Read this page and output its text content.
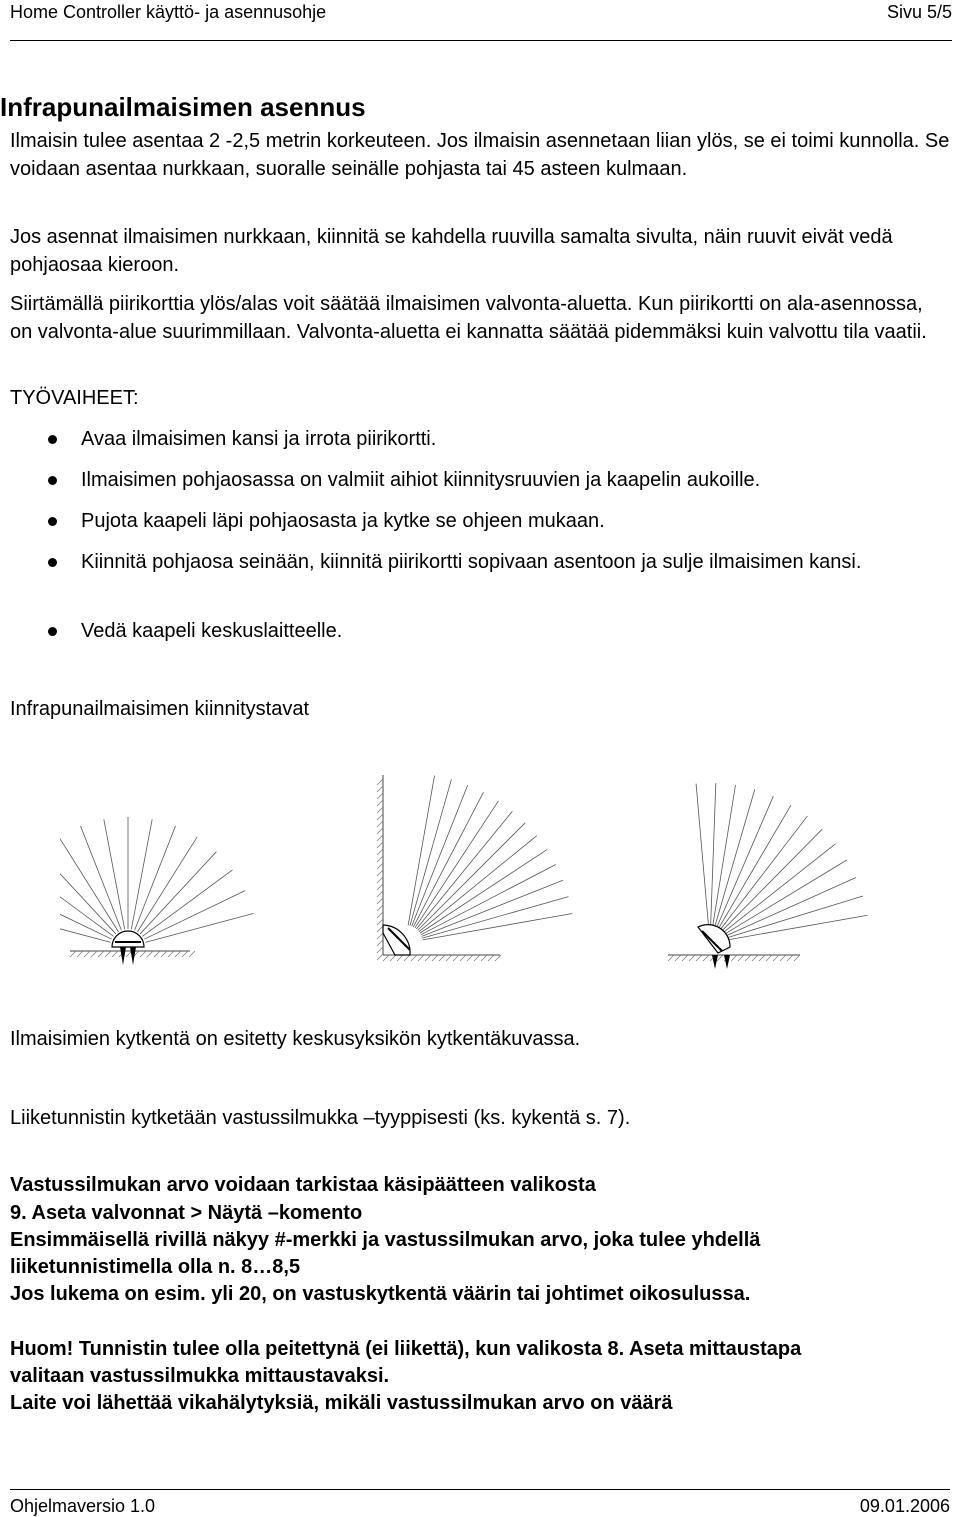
Home Controller käyttö- ja asennusohje	Sivu 5/5
Infrapunailmaisimen asennus

Ilmaisin tulee asentaa 2 -2,5 metrin korkeuteen. Jos ilmaisin asennetaan liian ylös, se ei toimi kunnolla. Se voidaan asentaa nurkkaan, suoralle seinälle pohjasta tai 45 asteen kulmaan.

Jos asennat ilmaisimen nurkkaan, kiinnitä se kahdella ruuvilla samalta sivulta, näin ruuvit eivät vedä pohjaosaa kieroon.

Siirtämällä piirikorttia ylös/alas voit säätää ilmaisimen valvonta-aluetta. Kun piirikortti on ala-asennossa, on valvonta-alue suurimmillaan. Valvonta-aluetta ei kannatta säätää pidemmäksi kuin valvottu tila vaatii.

TYÖVAIHEET:

Avaa ilmaisimen kansi ja irrota piirikortti.

Ilmaisimen pohjaosassa on valmiit aihiot kiinnitysruuvien ja kaapelin aukoille.

Pujota kaapeli läpi pohjaosasta ja kytke se ohjeen mukaan.

Kiinnitä pohjaosa seinään, kiinnitä piirikortti sopivaan asentoon ja sulje ilmaisimen kansi.

Vedä kaapeli keskuslaitteelle.

Infrapunailmaisimen kiinnitystavat

Ilmaisimien kytkentä on esitetty keskusyksikön kytkentäkuvassa.

Liiketunnistin kytketään vastussilmukka –tyyppisesti (ks. kykentä s. 7).

Vastussilmukan arvo voidaan tarkistaa käsipäätteen valikosta

9. Aseta valvonnat > Näytä –komento

Ensimmäisellä rivillä näkyy #-merkki ja vastussilmukan arvo, joka tulee yhdellä

liiketunnistimella olla n. 8…8,5

Jos lukema on esim. yli 20, on vastuskytkentä väärin tai johtimet oikosulussa.

Huom! Tunnistin tulee olla peitettynä (ei liikettä), kun valikosta 8. Aseta mittaustapa

valitaan vastussilmukka mittaustavaksi.

Laite voi lähettää vikahälytyksiä, mikäli vastussilmukan arvo on väärä

Ohjelmaversio 1.0	09.01.2006
